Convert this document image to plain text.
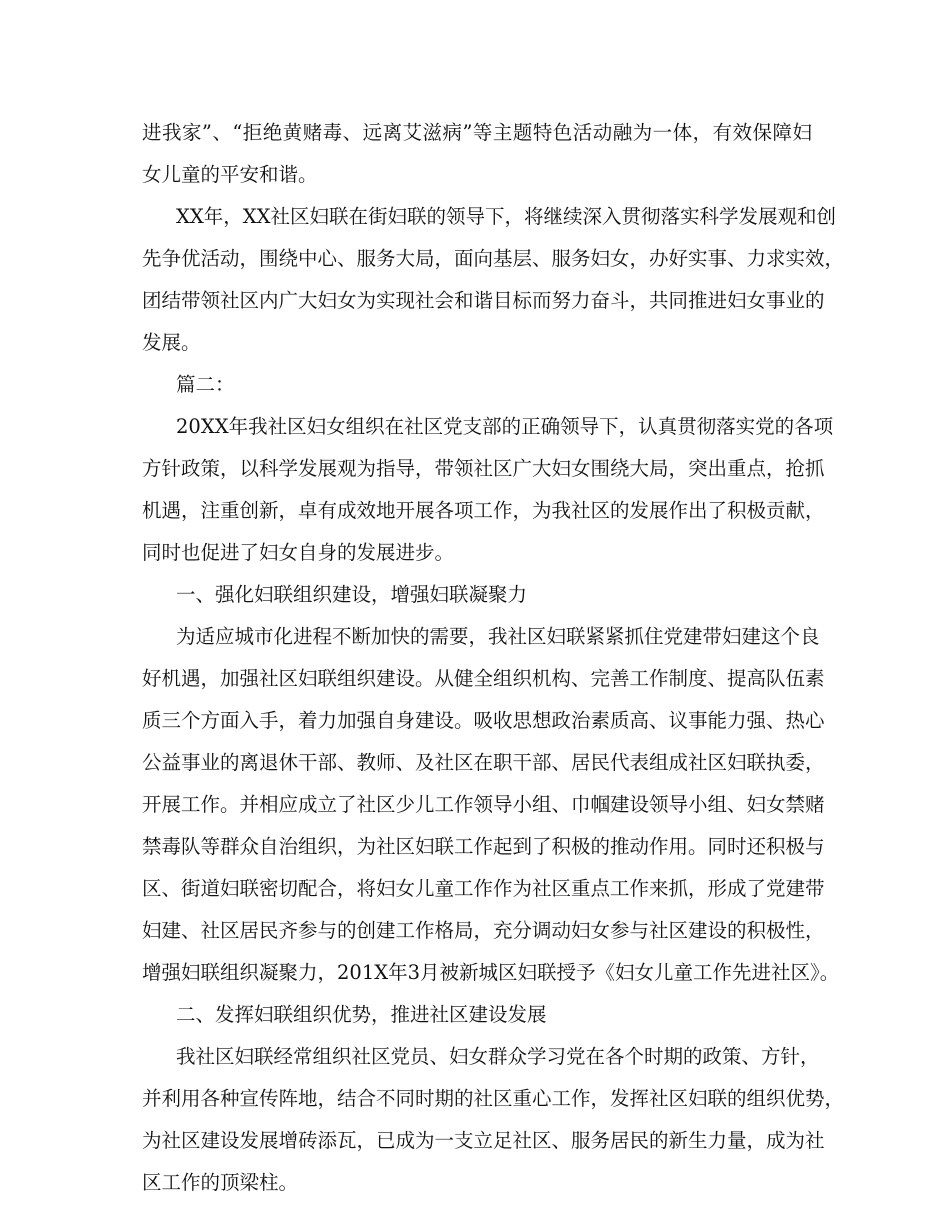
进我家”、“拒绝黄赌毒、远离艾滋病”等主题特色活动融为一体，有效保障妇
女儿童的平安和谐。
XX年，XX社区妇联在街妇联的领导下，将继续深入贯彻落实科学发展观和创
先争优活动，围绕中心、服务大局，面向基层、服务妇女，办好实事、力求实效，
团结带领社区内广大妇女为实现社会和谐目标而努力奋斗，共同推进妇女事业的
发展。
篇二：
20XX年我社区妇女组织在社区党支部的正确领导下，认真贯彻落实党的各项
方针政策，以科学发展观为指导，带领社区广大妇女围绕大局，突出重点，抢抓
机遇，注重创新，卓有成效地开展各项工作，为我社区的发展作出了积极贡献，
同时也促进了妇女自身的发展进步。
一、强化妇联组织建设，增强妇联凝聚力
为适应城市化进程不断加快的需要，我社区妇联紧紧抓住党建带妇建这个良
好机遇，加强社区妇联组织建设。从健全组织机构、完善工作制度、提高队伍素
质三个方面入手，着力加强自身建设。吸收思想政治素质高、议事能力强、热心
公益事业的离退休干部、教师、及社区在职干部、居民代表组成社区妇联执委，
开展工作。并相应成立了社区少儿工作领导小组、巾帼建设领导小组、妇女禁赌
禁毒队等群众自治组织，为社区妇联工作起到了积极的推动作用。同时还积极与
区、街道妇联密切配合，将妇女儿童工作作为社区重点工作来抓，形成了党建带
妇建、社区居民齐参与的创建工作格局，充分调动妇女参与社区建设的积极性，
增强妇联组织凝聚力，201X年3月被新城区妇联授予《妇女儿童工作先进社区》。
二、发挥妇联组织优势，推进社区建设发展
我社区妇联经常组织社区党员、妇女群众学习党在各个时期的政策、方针，
并利用各种宣传阵地，结合不同时期的社区重心工作，发挥社区妇联的组织优势，
为社区建设发展增砖添瓦，已成为一支立足社区、服务居民的新生力量，成为社
区工作的顶梁柱。
